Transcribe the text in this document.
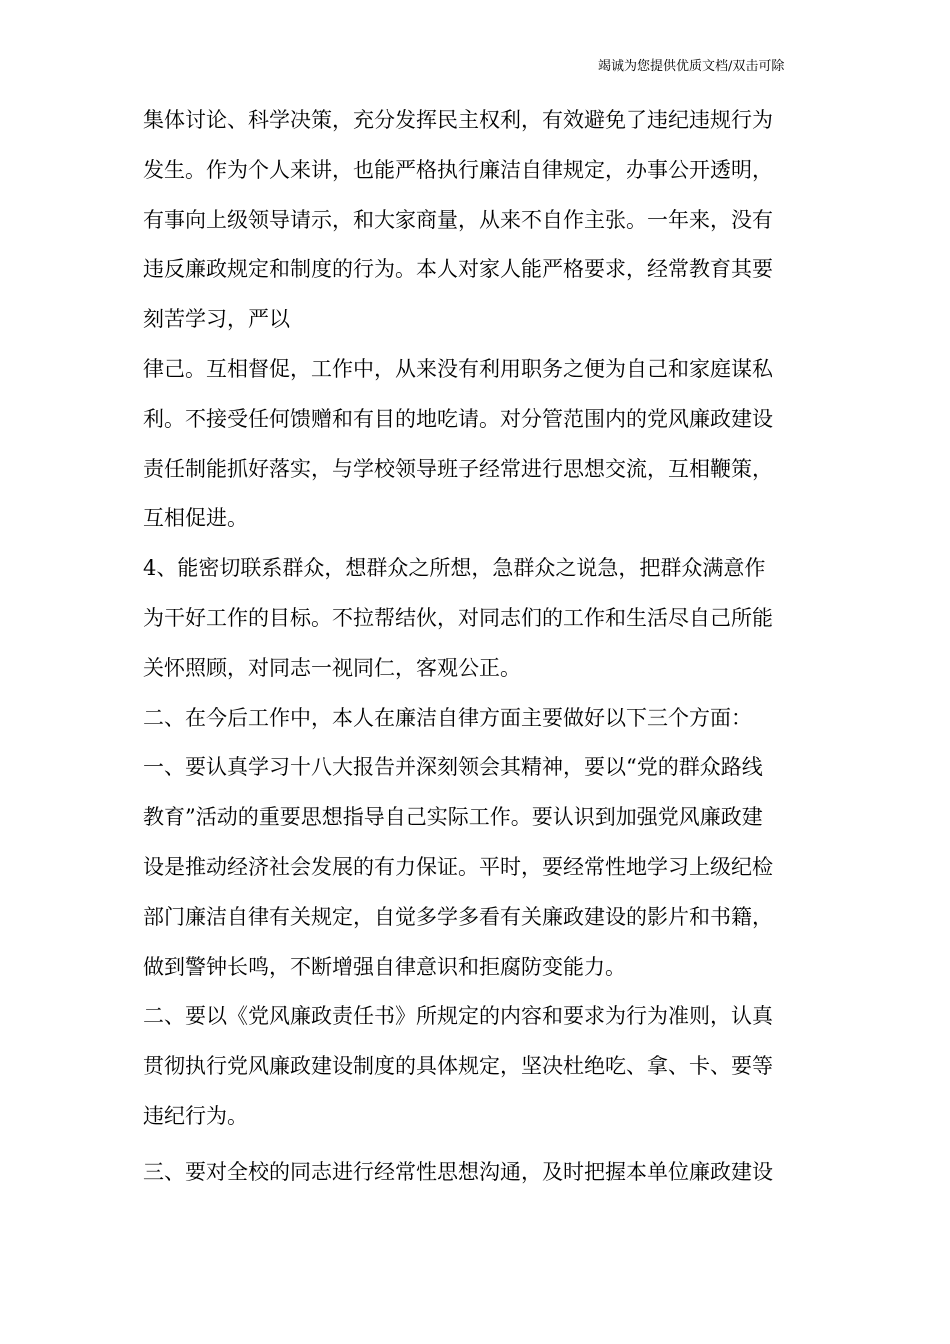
竭诚为您提供优质文档/双击可除

集体讨论、科学决策，充分发挥民主权利，有效避免了违纪违规行为
发生。作为个人来讲，也能严格执行廉洁自律规定，办事公开透明，
有事向上级领导请示，和大家商量，从来不自作主张。一年来，没有
违反廉政规定和制度的行为。本人对家人能严格要求，经常教育其要
刻苦学习，严以

律己。互相督促，工作中，从来没有利用职务之便为自己和家庭谋私
利。不接受任何馈赠和有目的地吃请。对分管范围内的党风廉政建设
责任制能抓好落实，与学校领导班子经常进行思想交流，互相鞭策，
互相促进。

4、能密切联系群众，想群众之所想，急群众之说急，把群众满意作
为干好工作的目标。不拉帮结伙，对同志们的工作和生活尽自己所能
关怀照顾，对同志一视同仁，客观公正。

二、在今后工作中，本人在廉洁自律方面主要做好以下三个方面：

一、要认真学习十八大报告并深刻领会其精神，要以“党的群众路线
教育”活动的重要思想指导自己实际工作。要认识到加强党风廉政建
设是推动经济社会发展的有力保证。平时，要经常性地学习上级纪检
部门廉洁自律有关规定，自觉多学多看有关廉政建设的影片和书籍，
做到警钟长鸣，不断增强自律意识和拒腐防变能力。

二、要以《党风廉政责任书》所规定的内容和要求为行为准则，认真
贯彻执行党风廉政建设制度的具体规定，坚决杜绝吃、拿、卡、要等
违纪行为。

三、要对全校的同志进行经常性思想沟通，及时把握本单位廉政建设
